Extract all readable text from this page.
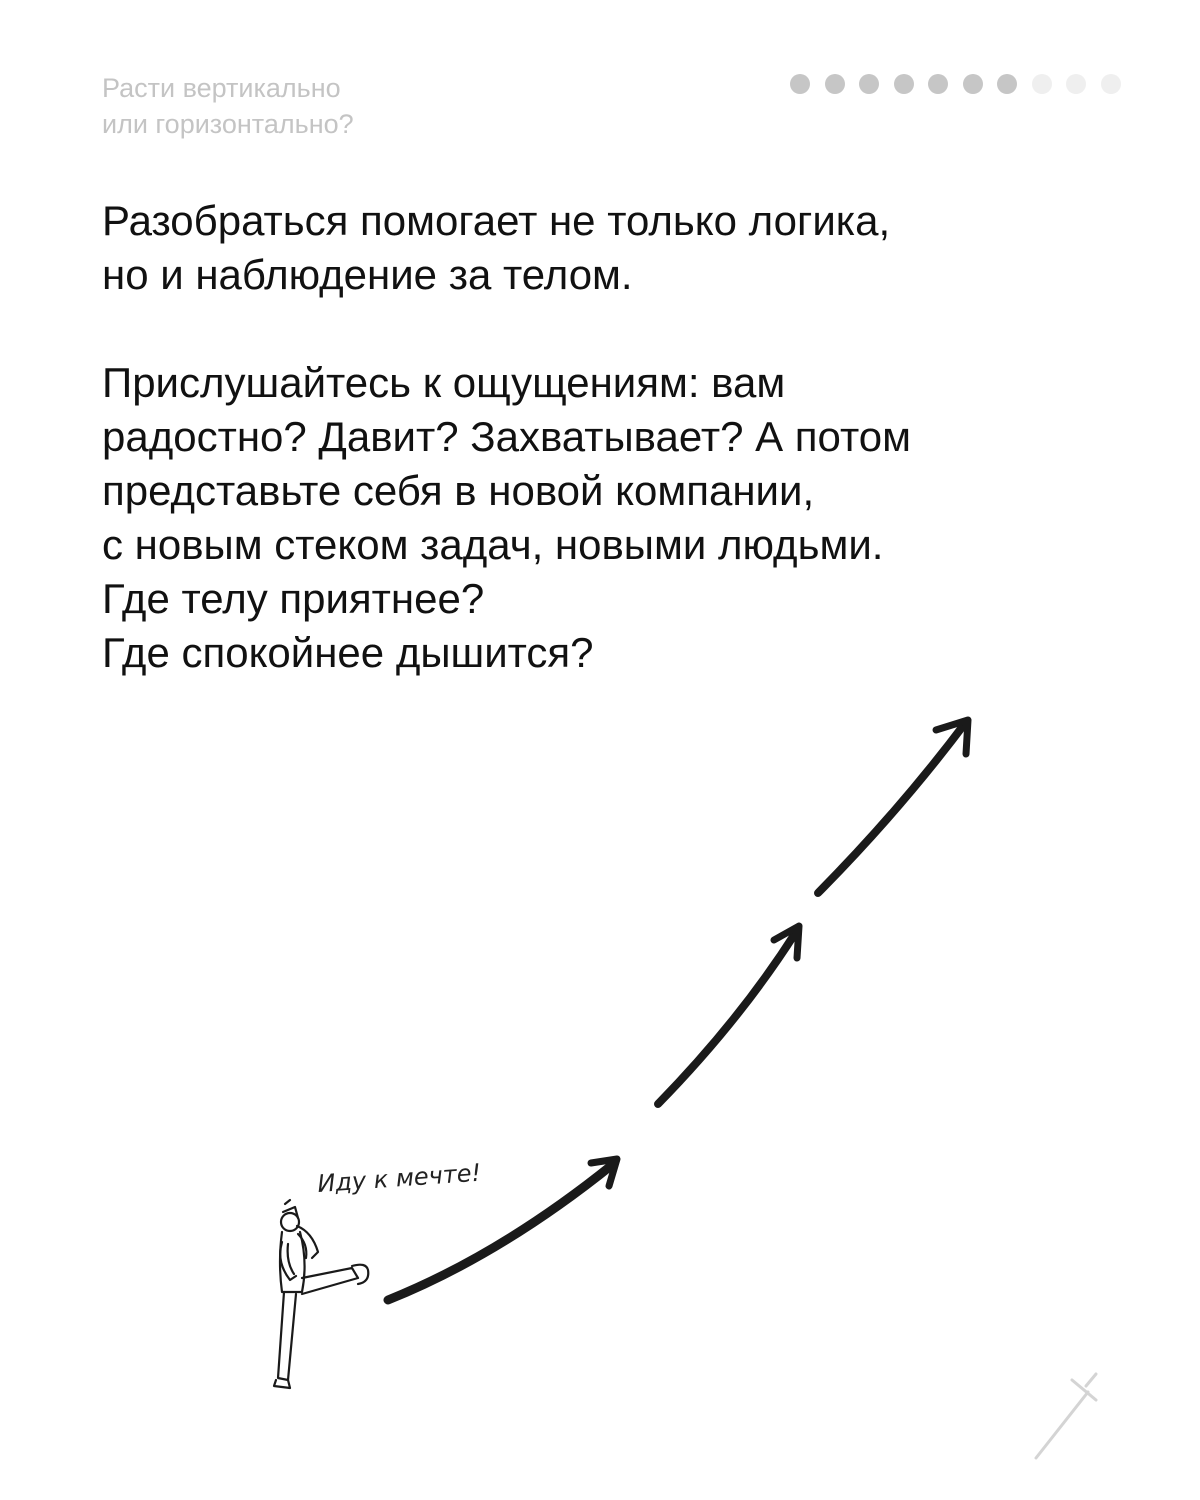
Расти вертикально
или горизонтально?

Разобраться помогает не только логика,
но и наблюдение за телом.

Прислушайтесь к ощущениям: вам
радостно? Давит? Захватывает? А потом
представьте себя в новой компании,
с новым стеком задач, новыми людьми.
Где телу приятнее?
Где спокойнее дышится?

Иду к мечте!
